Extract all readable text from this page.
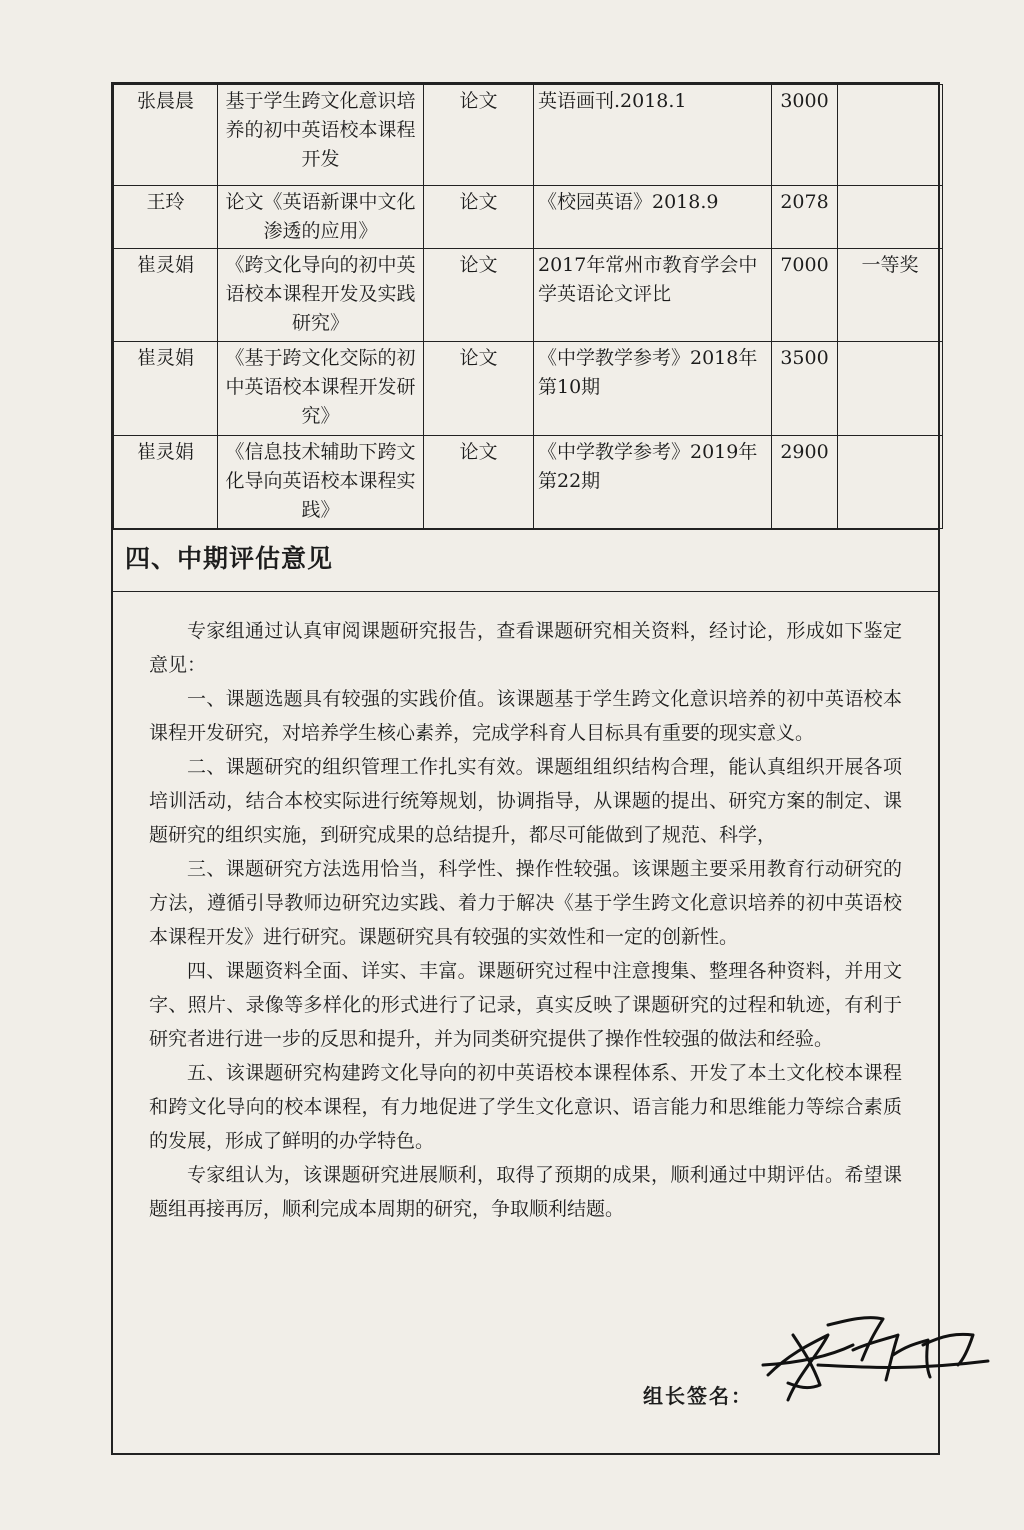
张晨晨	基于学生跨文化意识培养的初中英语校本课程开发	论文	英语画刊.2018.1	3000	
王玲	论文《英语新课中文化渗透的应用》	论文	《校园英语》2018.9	2078	
崔灵娟	《跨文化导向的初中英语校本课程开发及实践研究》	论文	2017年常州市教育学会中学英语论文评比	7000	一等奖
崔灵娟	《基于跨文化交际的初中英语校本课程开发研究》	论文	《中学教学参考》2018年第10期	3500	
崔灵娟	《信息技术辅助下跨文化导向英语校本课程实践》	论文	《中学教学参考》2019年第22期	2900	
四、中期评估意见

专家组通过认真审阅课题研究报告，查看课题研究相关资料，经讨论，形成如下鉴定意见：

一、课题选题具有较强的实践价值。该课题基于学生跨文化意识培养的初中英语校本课程开发研究，对培养学生核心素养，完成学科育人目标具有重要的现实意义。

二、课题研究的组织管理工作扎实有效。课题组组织结构合理，能认真组织开展各项培训活动，结合本校实际进行统筹规划，协调指导，从课题的提出、研究方案的制定、课题研究的组织实施，到研究成果的总结提升，都尽可能做到了规范、科学，

三、课题研究方法选用恰当，科学性、操作性较强。该课题主要采用教育行动研究的方法，遵循引导教师边研究边实践、着力于解决《基于学生跨文化意识培养的初中英语校本课程开发》进行研究。课题研究具有较强的实效性和一定的创新性。

四、课题资料全面、详实、丰富。课题研究过程中注意搜集、整理各种资料，并用文字、照片、录像等多样化的形式进行了记录，真实反映了课题研究的过程和轨迹，有利于研究者进行进一步的反思和提升，并为同类研究提供了操作性较强的做法和经验。

五、该课题研究构建跨文化导向的初中英语校本课程体系、开发了本土文化校本课程和跨文化导向的校本课程，有力地促进了学生文化意识、语言能力和思维能力等综合素质的发展，形成了鲜明的办学特色。

专家组认为，该课题研究进展顺利，取得了预期的成果，顺利通过中期评估。希望课题组再接再厉，顺利完成本周期的研究，争取顺利结题。

组长签名：
